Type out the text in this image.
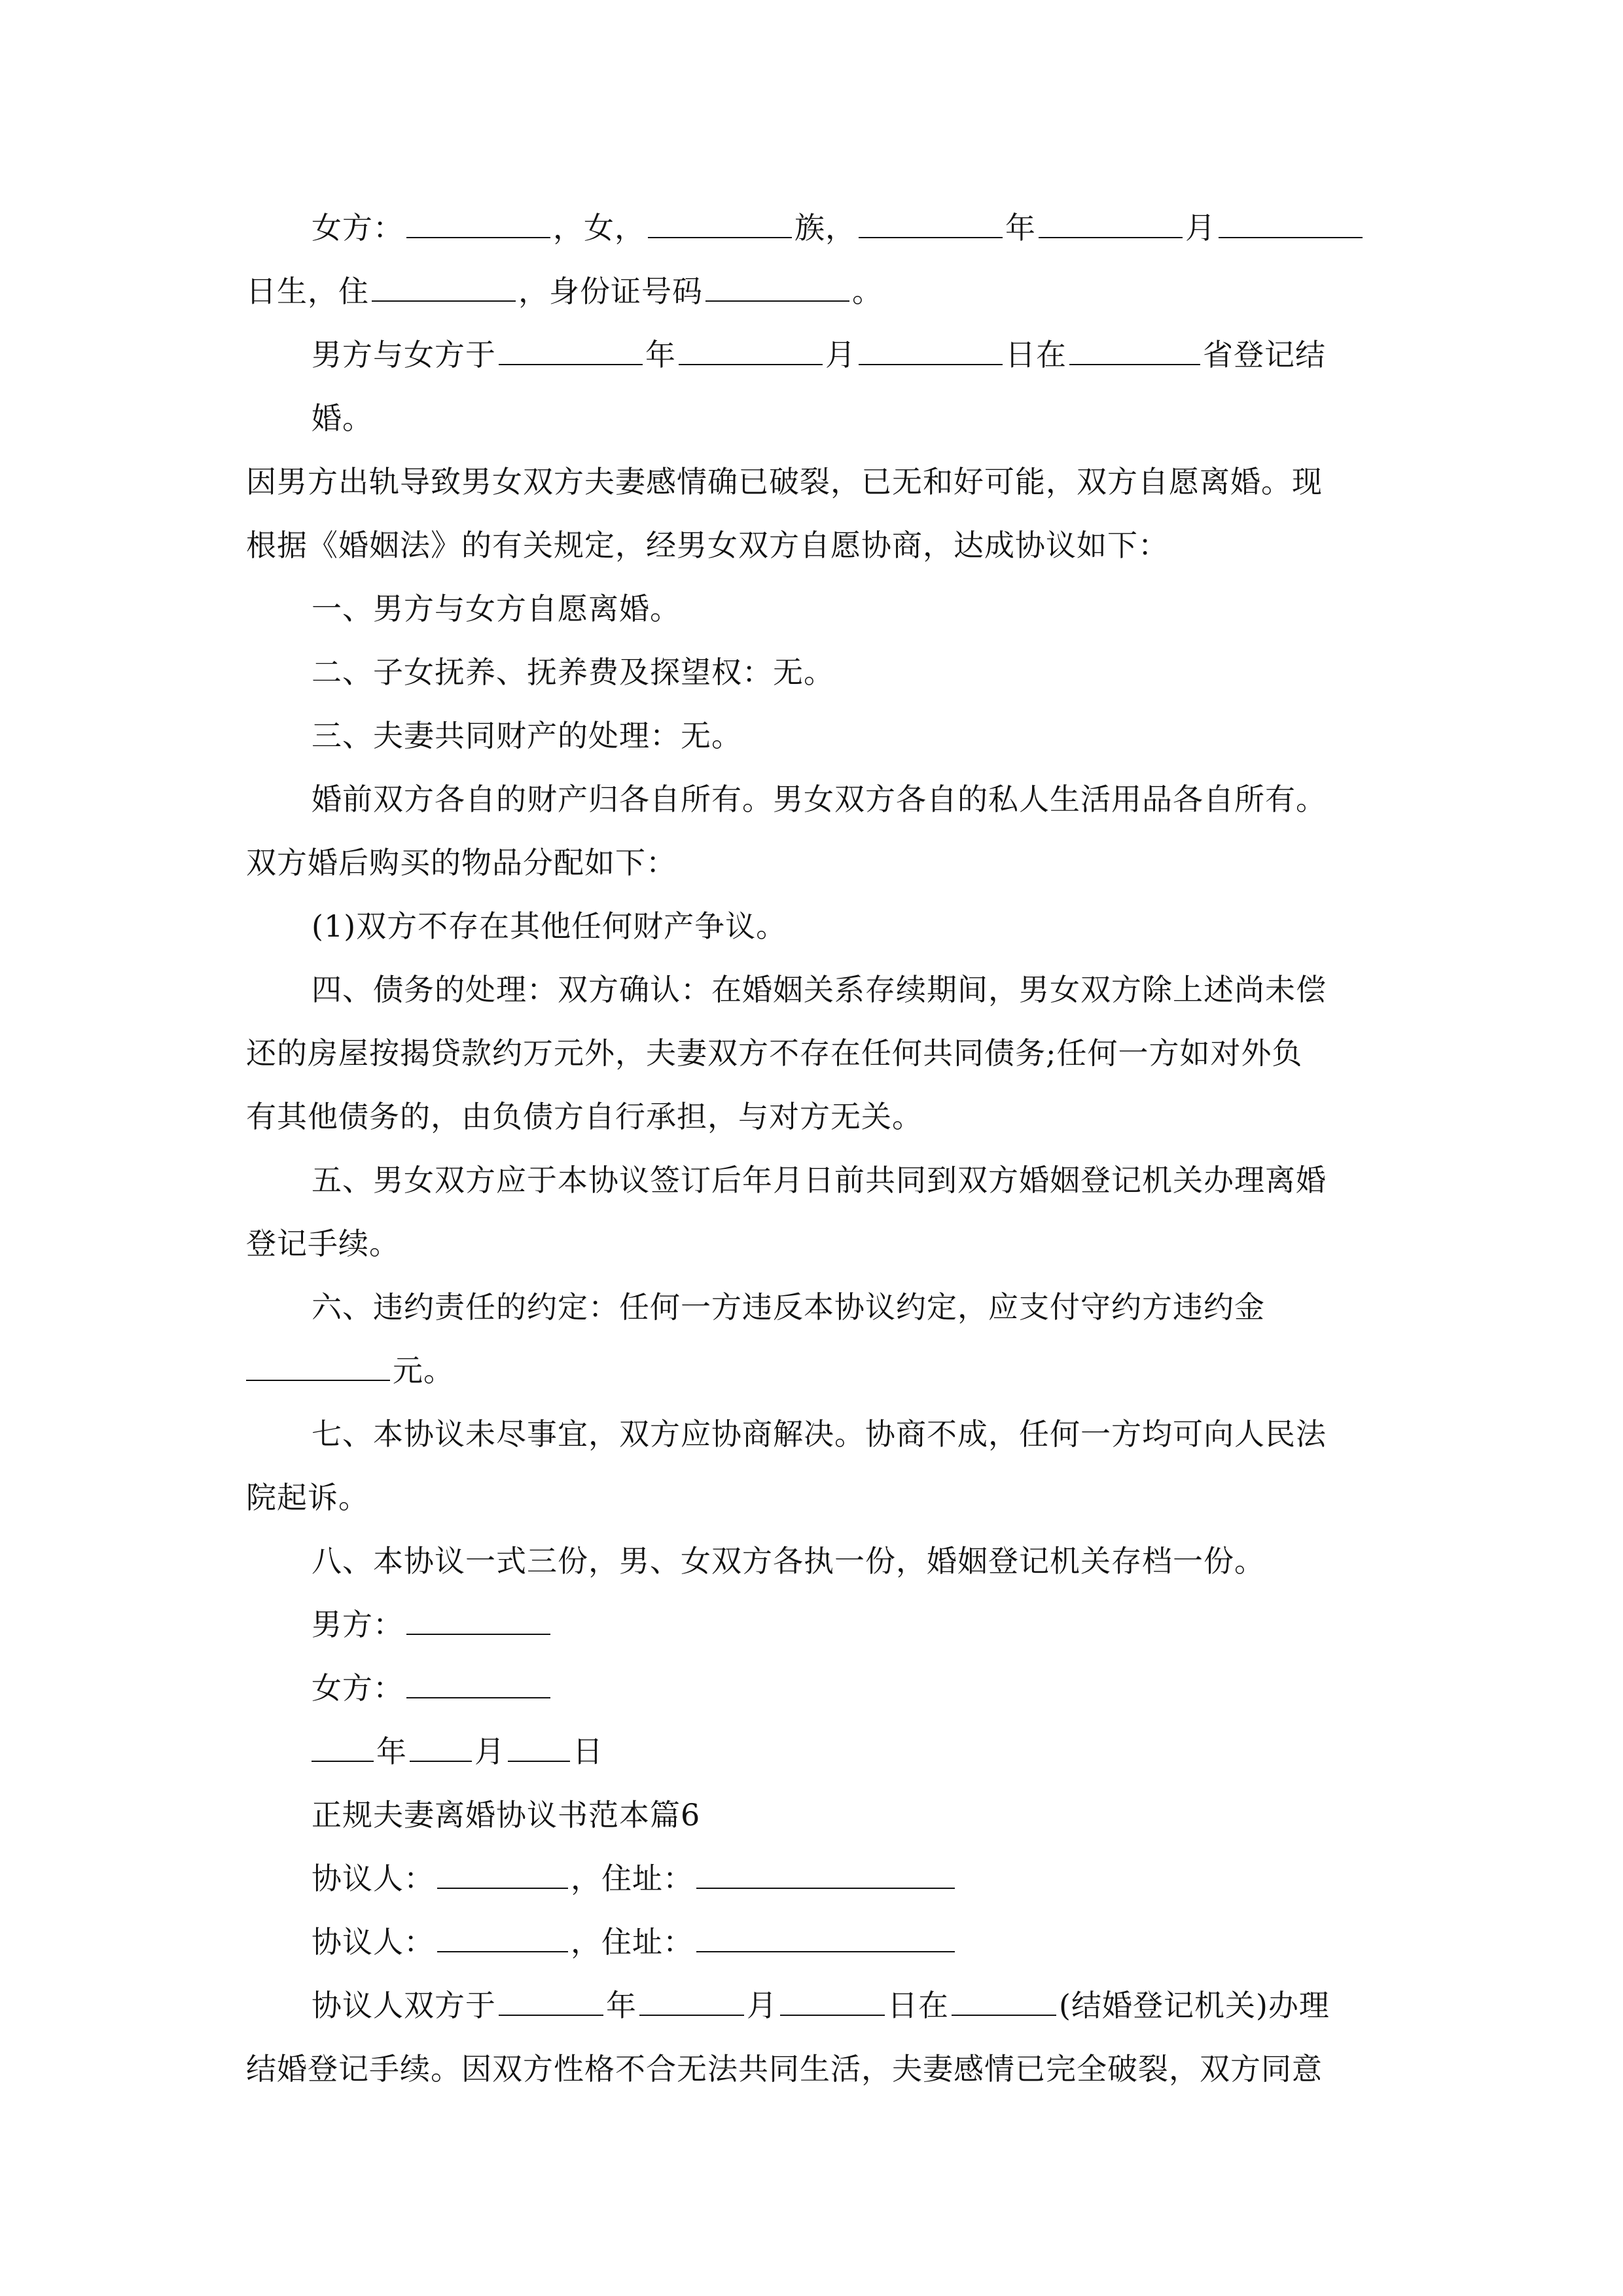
女方：	，女，	族，	年	月

日生，住	，身份证号码	。

男方与女方于	年	月	日在	省登记结婚。

因男方出轨导致男女双方夫妻感情确已破裂，已无和好可能，双方自愿离婚。现

根据《婚姻法》的有关规定，经男女双方自愿协商，达成协议如下：

一、男方与女方自愿离婚。

二、子女抚养、抚养费及探望权：无。

三、夫妻共同财产的处理：无。

婚前双方各自的财产归各自所有。男女双方各自的私人生活用品各自所有。

双方婚后购买的物品分配如下：

(1)双方不存在其他任何财产争议。

四、债务的处理：双方确认：在婚姻关系存续期间，男女双方除上述尚未偿

还的房屋按揭贷款约万元外，夫妻双方不存在任何共同债务;任何一方如对外负

有其他债务的，由负债方自行承担，与对方无关。

五、男女双方应于本协议签订后年月日前共同到双方婚姻登记机关办理离婚

登记手续。

六、违约责任的约定：任何一方违反本协议约定，应支付守约方违约金

元。

七、本协议未尽事宜，双方应协商解决。协商不成，任何一方均可向人民法

院起诉。

八、本协议一式三份，男、女双方各执一份，婚姻登记机关存档一份。

男方：

女方：

年 月 日

正规夫妻离婚协议书范本篇6

协议人：	，住址：

协议人：	，住址：

协议人双方于	年	月	日在	(结婚登记机关)办理

结婚登记手续。因双方性格不合无法共同生活，夫妻感情已完全破裂，双方同意
